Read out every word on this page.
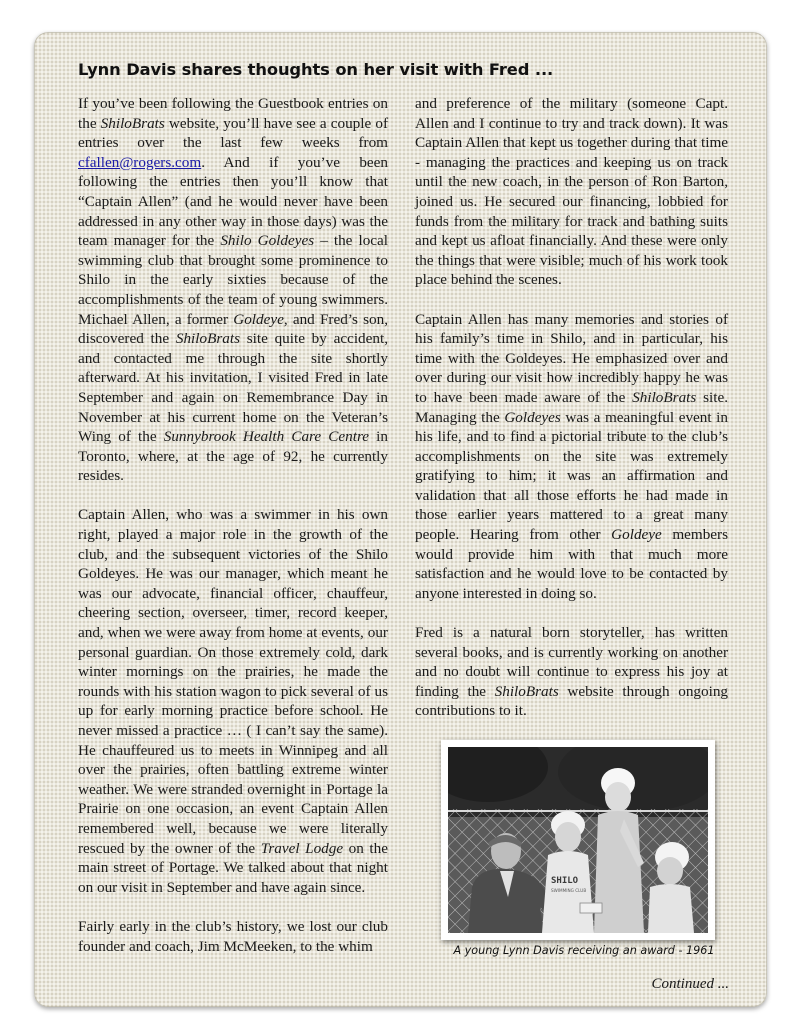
Lynn Davis shares thoughts on her visit with Fred ...

If you’ve been following the Guestbook entries on the ShiloBrats website, you’ll have see a couple of entries over the last few weeks from cfallen@rogers.com. And if you’ve been following the entries then you’ll know that “Captain Allen” (and he would never have been addressed in any other way in those days) was the team manager for the Shilo Goldeyes – the local swimming club that brought some prominence to Shilo in the early sixties because of the accomplishments of the team of young swimmers. Michael Allen, a former Goldeye, and Fred’s son, discovered the ShiloBrats site quite by accident, and contacted me through the site shortly afterward. At his invitation, I visited Fred in late September and again on Remembrance Day in November at his current home on the Veteran’s Wing of the Sunnybrook Health Care Centre in Toronto, where, at the age of 92, he currently resides.

Captain Allen, who was a swimmer in his own right, played a major role in the growth of the club, and the subsequent victories of the Shilo Goldeyes. He was our manager, which meant he was our advocate, financial officer, chauffeur, cheering section, overseer, timer, record keeper, and, when we were away from home at events, our personal guardian. On those extremely cold, dark winter mornings on the prairies, he made the rounds with his station wagon to pick several of us up for early morning practice before school. He never missed a practice … ( I can’t say the same). He chauffeured us to meets in Winnipeg and all over the prairies, often battling extreme winter weather. We were stranded overnight in Portage la Prairie on one occasion, an event Captain Allen remembered well, because we were literally rescued by the owner of the Travel Lodge on the main street of Portage. We talked about that night on our visit in September and have again since.

Fairly early in the club’s history, we lost our club founder and coach, Jim McMeeken, to the whim

and preference of the military (someone Capt. Allen and I continue to try and track down). It was Captain Allen that kept us together during that time - managing the practices and keeping us on track until the new coach, in the person of Ron Barton, joined us. He secured our financing, lobbied for funds from the military for track and bathing suits and kept us afloat financially. And these were only the things that were visible; much of his work took place behind the scenes.

Captain Allen has many memories and stories of his family’s time in Shilo, and in particular, his time with the Goldeyes. He emphasized over and over during our visit how incredibly happy he was to have been made aware of the ShiloBrats site. Managing the Goldeyes was a meaningful event in his life, and to find a pictorial tribute to the club’s accomplishments on the site was extremely gratifying to him; it was an affirmation and validation that all those efforts he had made in those earlier years mattered to a great many people. Hearing from other Goldeye members would provide him with that much more satisfaction and he would love to be contacted by anyone interested in doing so.

Fred is a natural born storyteller, has written several books, and is currently working on another and no doubt will continue to express his joy at finding the ShiloBrats website through ongoing contributions to it.

SHILO
SWIMMING CLUB
A young Lynn Davis receiving an award - 1961
Continued ...
